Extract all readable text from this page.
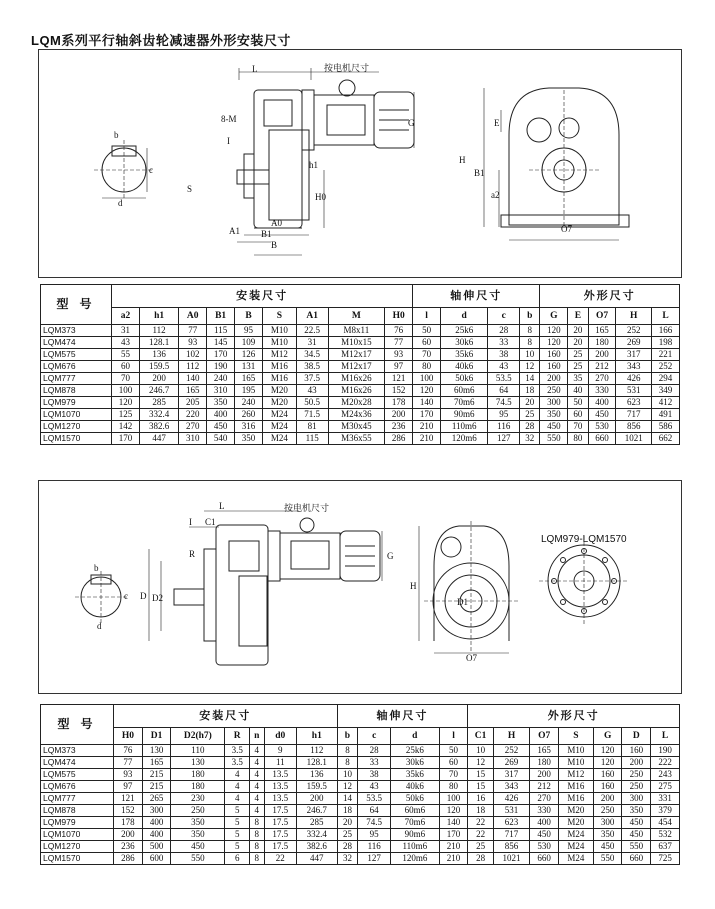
LQM系列平行轴斜齿轮减速器外形安装尺寸
按电机尺寸
L
8-M
I
S
h1
H0
A1
A0
B1
B
G
b
c
d
E
H
B1
a2
O7
型 号	安装尺寸									轴伸尺寸				外形尺寸				
	a2	h1	A0	B1	B	S	A1	M	H0	l	d	c	b	G	E	O7	H	L
LQM373	31	112	77	115	95	M10	22.5	M8x11	76	50	25k6	28	8	120	20	165	252	166
LQM474	43	128.1	93	145	109	M10	31	M10x15	77	60	30k6	33	8	120	20	180	269	198
LQM575	55	136	102	170	126	M12	34.5	M12x17	93	70	35k6	38	10	160	25	200	317	221
LQM676	60	159.5	112	190	131	M16	38.5	M12x17	97	80	40k6	43	12	160	25	212	343	252
LQM777	70	200	140	240	165	M16	37.5	M16x26	121	100	50k6	53.5	14	200	35	270	426	294
LQM878	100	246.7	165	310	195	M20	43	M16x26	152	120	60m6	64	18	250	40	330	531	349
LQM979	120	285	205	350	240	M20	50.5	M20x28	178	140	70m6	74.5	20	300	50	400	623	412
LQM1070	125	332.4	220	400	260	M24	71.5	M24x36	200	170	90m6	95	25	350	60	450	717	491
LQM1270	142	382.6	270	450	316	M24	81	M30x45	236	210	110m6	116	28	450	70	530	856	586
LQM1570	170	447	310	540	350	M24	115	M36x55	286	210	120m6	127	32	550	80	660	1021	662
按电机尺寸
LQM979-LQM1570
L
I C1
R
D D2
G
H
D1
O7
b
c
d
型 号	安装尺寸							轴伸尺寸				外形尺寸						
	H0	D1	D2(h7)	R	n	d0	h1	b	c	d	l	C1	H	O7	S	G	D	L
LQM373	76	130	110	3.5	4	9	112	8	28	25k6	50	10	252	165	M10	120	160	190
LQM474	77	165	130	3.5	4	11	128.1	8	33	30k6	60	12	269	180	M10	120	200	222
LQM575	93	215	180	4	4	13.5	136	10	38	35k6	70	15	317	200	M12	160	250	243
LQM676	97	215	180	4	4	13.5	159.5	12	43	40k6	80	15	343	212	M16	160	250	275
LQM777	121	265	230	4	4	13.5	200	14	53.5	50k6	100	16	426	270	M16	200	300	331
LQM878	152	300	250	5	4	17.5	246.7	18	64	60m6	120	18	531	330	M20	250	350	379
LQM979	178	400	350	5	8	17.5	285	20	74.5	70m6	140	22	623	400	M20	300	450	454
LQM1070	200	400	350	5	8	17.5	332.4	25	95	90m6	170	22	717	450	M24	350	450	532
LQM1270	236	500	450	5	8	17.5	382.6	28	116	110m6	210	25	856	530	M24	450	550	637
LQM1570	286	600	550	6	8	22	447	32	127	120m6	210	28	1021	660	M24	550	660	725
